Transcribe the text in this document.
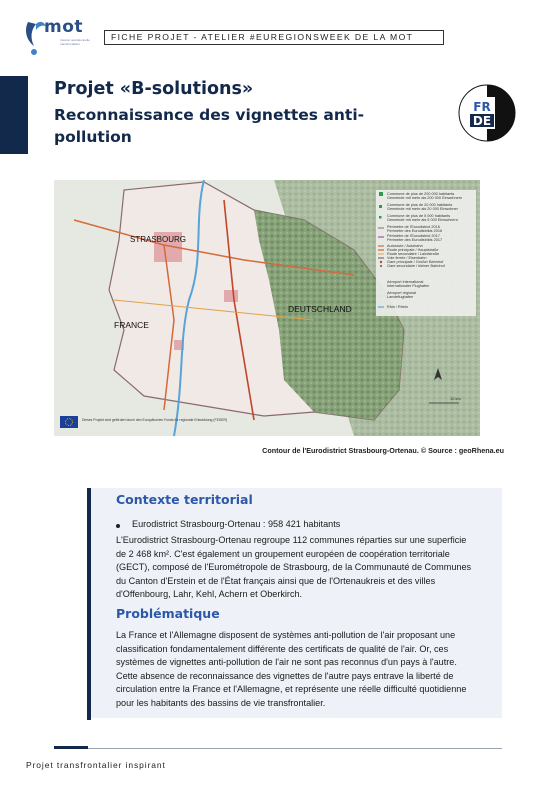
mot
mission opérationnelle transfrontalière
FICHE PROJET - ATELIER #EUREGIONSWEEK DE LA MOT
Projet «B-solutions»
Reconnaissance des vignettes anti-pollution
FR
DE
STRASBOURG
FRANCE
DEUTSCHLAND
Commune de plus de 200 000 habitants
Gemeinde mit mehr als 200 000 Einwohnern
Commune de plus de 20 000 habitants
Gemeinde mit mehr als 20 000 Einwohner
Commune de plus de 5 000 habitants
Gemeinde mit mehr als 5 000 Einwohnern
Périmètre de l'Eurodistrict 2016
Perimeter des Eurodistrikts 2016
Périmètre de l'Eurodistrict 2017
Perimeter des Eurodistrikts 2017
Autoroute / Autobahn
Route principale / Hauptstraße
Route secondaire / Landstraße
Voie ferrée / Eisenbahn
Gare principale / Großer Bahnhof
Gare secondaire / kleiner Bahnhof
Aéroport international
Internationaler Flughafen
Aéroport régional
Landeflughafen
Rhin / Rhein
10 km
Dieses Projekt wird gefördert durch den Europäischen Fonds für regionale Entwicklung (FEDER)
Contour de l'Eurodistrict Strasbourg-Ortenau. © Source : geoRhena.eu
Contexte territorial
Eurodistrict Strasbourg-Ortenau : 958 421 habitants
L'Eurodistrict Strasbourg-Ortenau regroupe 112 communes réparties sur une superficie
de 2 468 km². C'est également un groupement européen de coopération territoriale
(GECT), composé de l'Eurométropole de Strasbourg, de la Communauté de Communes
du Canton d'Erstein et de l'État français ainsi que de l'Ortenaukreis et des villes
d'Offenbourg, Lahr, Kehl, Achern et Oberkirch.
Problématique
La France et l'Allemagne disposent de systèmes anti-pollution de l'air proposant une
classification fondamentalement différente des certificats de qualité de l'air. Or, ces
systèmes de vignettes anti-pollution de l'air ne sont pas reconnus d'un pays à l'autre.
Cette absence de reconnaissance des vignettes de l'autre pays entrave la liberté de
circulation entre la France et l'Allemagne, et représente une réelle difficulté quotidienne
pour les habitants des bassins de vie transfrontalier.
Projet transfrontalier inspirant
